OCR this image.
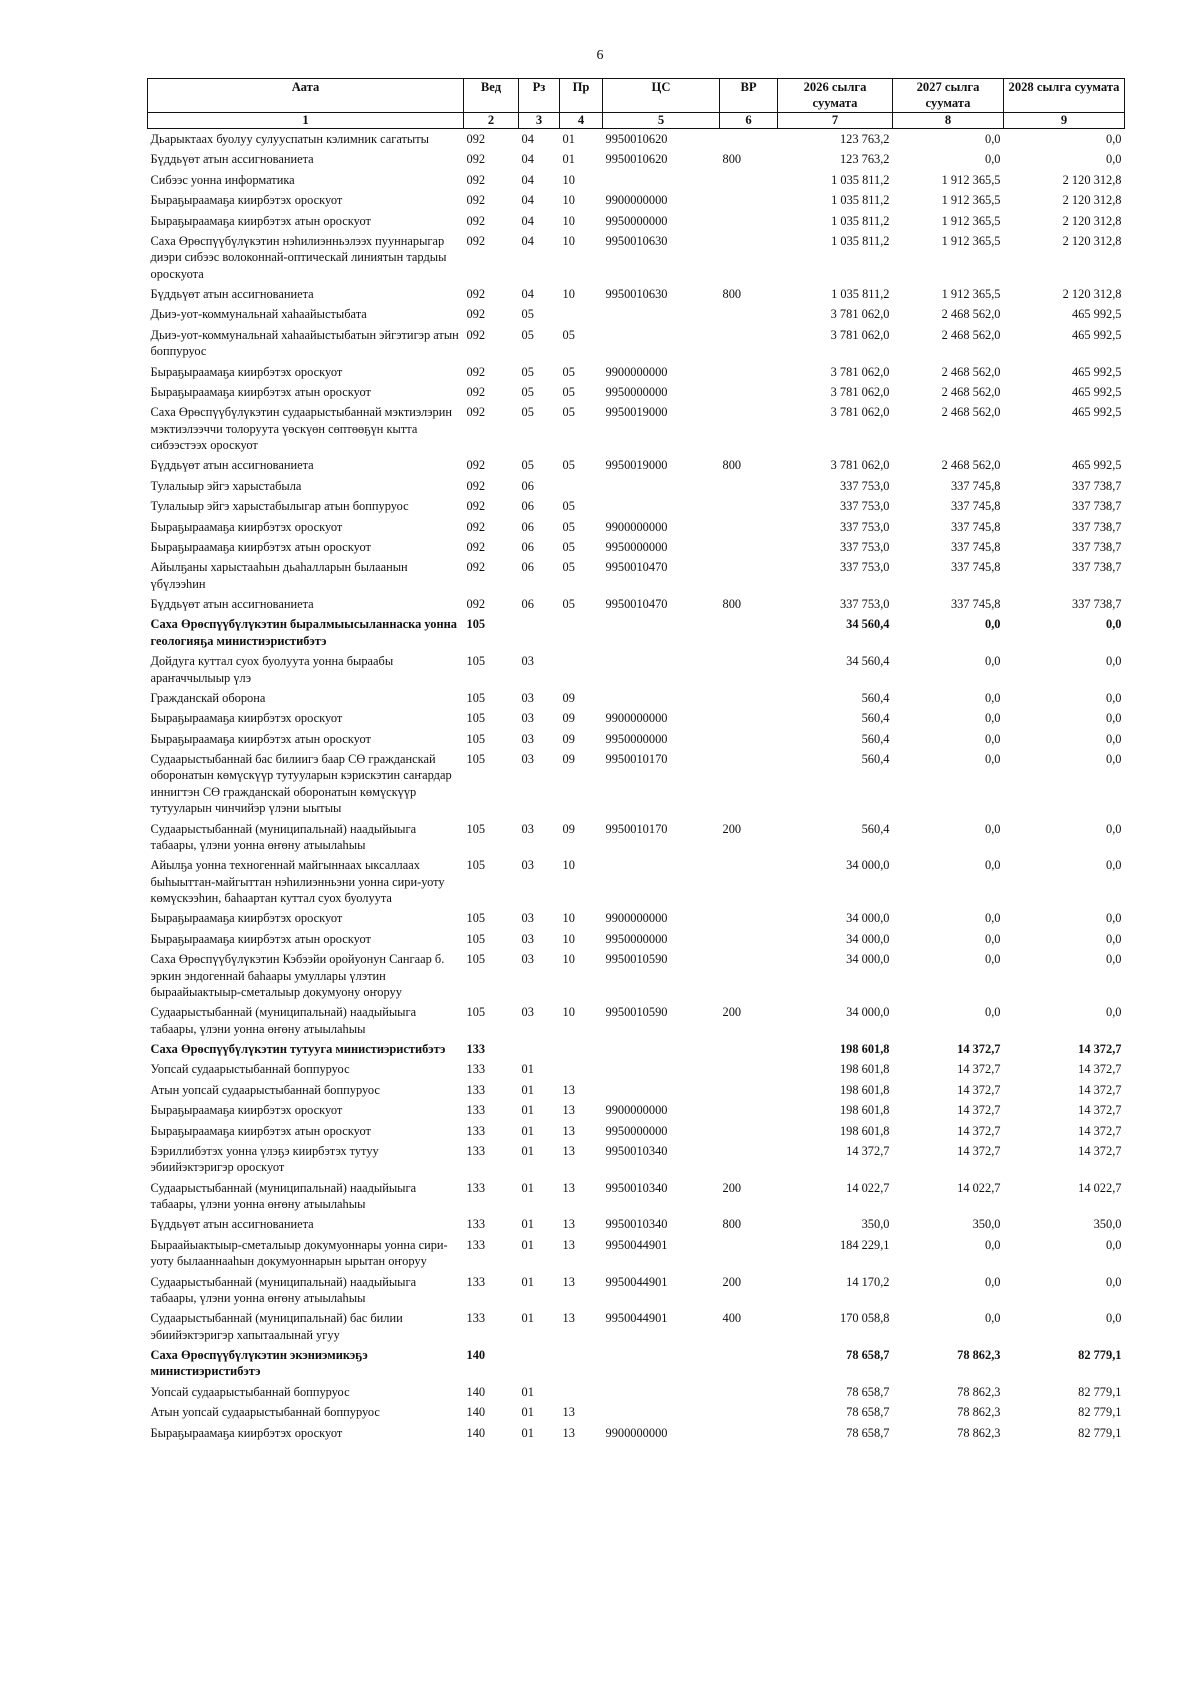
6
Аата	Вед	Рз	Пр	ЦС	ВР	2026 сылга суумата	2027 сылга суумата	2028 сылга суумата
1	2	3	4	5	6	7	8	9
Дьарыктаах буолуу сулууспатын кэлимник сагатыты	092	04	01	9950010620		123 763,2	0,0	0,0
Бүддьүөт атын ассигнованиета	092	04	01	9950010620	800	123 763,2	0,0	0,0
Сибээс уонна информатика	092	04	10			1 035 811,2	1 912 365,5	2 120 312,8
Быраҕыраамаҕа киирбэтэх ороскуот	092	04	10	9900000000		1 035 811,2	1 912 365,5	2 120 312,8
Быраҕыраамаҕа киирбэтэх атын ороскуот	092	04	10	9950000000		1 035 811,2	1 912 365,5	2 120 312,8
Саха Өрөспүүбүлүкэтин нэһилиэнньэлээх пууннарыгар диэри сибээс волоконнай-оптическай линиятын тардыы ороскуота	092	04	10	9950010630		1 035 811,2	1 912 365,5	2 120 312,8
Бүддьүөт атын ассигнованиета	092	04	10	9950010630	800	1 035 811,2	1 912 365,5	2 120 312,8
Дьиэ-уот-коммунальнай хаһаайыстыбата	092	05				3 781 062,0	2 468 562,0	465 992,5
Дьиэ-уот-коммунальнай хаһаайыстыбатын эйгэтигэр атын боппуруос	092	05	05			3 781 062,0	2 468 562,0	465 992,5
Быраҕыраамаҕа киирбэтэх ороскуот	092	05	05	9900000000		3 781 062,0	2 468 562,0	465 992,5
Быраҕыраамаҕа киирбэтэх атын ороскуот	092	05	05	9950000000		3 781 062,0	2 468 562,0	465 992,5
Саха Өрөспүүбүлүкэтин судаарыстыбаннай мэктиэлэрин мэктиэлээччи толоруута үөскүөн сөптөөҕүн кытта сибээстээх ороскуот	092	05	05	9950019000		3 781 062,0	2 468 562,0	465 992,5
Бүддьүөт атын ассигнованиета	092	05	05	9950019000	800	3 781 062,0	2 468 562,0	465 992,5
Тулалыыр эйгэ харыстабыла	092	06				337 753,0	337 745,8	337 738,7
Тулалыыр эйгэ харыстабылыгар атын боппуруос	092	06	05			337 753,0	337 745,8	337 738,7
Быраҕыраамаҕа киирбэтэх ороскуот	092	06	05	9900000000		337 753,0	337 745,8	337 738,7
Быраҕыраамаҕа киирбэтэх атын ороскуот	092	06	05	9950000000		337 753,0	337 745,8	337 738,7
Айылҕаны харыстааһын дьаһалларын былаанын үбүлээһин	092	06	05	9950010470		337 753,0	337 745,8	337 738,7
Бүддьүөт атын ассигнованиета	092	06	05	9950010470	800	337 753,0	337 745,8	337 738,7
Саха Өрөспүүбүлүкэтин быралмыысыланнаска уонна геологияҕа министиэристибэтэ	105					34 560,4	0,0	0,0
Дойдуга куттал суох буолуута уонна быраабы араҥаччылыыр үлэ	105	03				34 560,4	0,0	0,0
Гражданскай оборона	105	03	09			560,4	0,0	0,0
Быраҕыраамаҕа киирбэтэх ороскуот	105	03	09	9900000000		560,4	0,0	0,0
Быраҕыраамаҕа киирбэтэх атын ороскуот	105	03	09	9950000000		560,4	0,0	0,0
Судаарыстыбаннай бас билиигэ баар СӨ гражданскай оборонатын көмүскүүр тутууларын кэрискэтин саҥардар иннигтэн СӨ гражданскай оборонатын көмүскүүр тутууларын чинчийэр үлэни ыытыы	105	03	09	9950010170		560,4	0,0	0,0
Судаарыстыбаннай (муниципальнай) наадыйыыга табаары, үлэни уонна өҥөну атыылаһыы	105	03	09	9950010170	200	560,4	0,0	0,0
Айылҕа уонна техногеннай майгыннаах ыксаллаах быһыыттан-майгыттан нэһилиэнньэни уонна сири-уоту көмүскээһин, баһаартан куттал суох буолуута	105	03	10			34 000,0	0,0	0,0
Быраҕыраамаҕа киирбэтэх ороскуот	105	03	10	9900000000		34 000,0	0,0	0,0
Быраҕыраамаҕа киирбэтэх атын ороскуот	105	03	10	9950000000		34 000,0	0,0	0,0
Саха Өрөспүүбүлүкэтин Кэбээйи оройуонун Сангаар б. эркин эндогеннай баһаары умуллары үлэтин быраайыактыыр-сметалыыр докумуону оҥоруу	105	03	10	9950010590		34 000,0	0,0	0,0
Судаарыстыбаннай (муниципальнай) наадыйыыга табаары, үлэни уонна өҥөну атыылаһыы	105	03	10	9950010590	200	34 000,0	0,0	0,0
Саха Өрөспүүбүлүкэтин тутууга министиэристибэтэ	133					198 601,8	14 372,7	14 372,7
Уопсай судаарыстыбаннай боппуруос	133	01				198 601,8	14 372,7	14 372,7
Атын уопсай судаарыстыбаннай боппуруос	133	01	13			198 601,8	14 372,7	14 372,7
Быраҕыраамаҕа киирбэтэх ороскуот	133	01	13	9900000000		198 601,8	14 372,7	14 372,7
Быраҕыраамаҕа киирбэтэх атын ороскуот	133	01	13	9950000000		198 601,8	14 372,7	14 372,7
Бэриллибэтэх уонна үлэҕэ киирбэтэх тутуу эбиийэктэригэр ороскуот	133	01	13	9950010340		14 372,7	14 372,7	14 372,7
Судаарыстыбаннай (муниципальнай) наадыйыыга табаары, үлэни уонна өҥөну атыылаһыы	133	01	13	9950010340	200	14 022,7	14 022,7	14 022,7
Бүддьүөт атын ассигнованиета	133	01	13	9950010340	800	350,0	350,0	350,0
Быраайыактыыр-сметалыыр докумуоннары уонна сири-уоту былааннааһын докумуоннарын ырытан оҥоруу	133	01	13	9950044901		184 229,1	0,0	0,0
Судаарыстыбаннай (муниципальнай) наадыйыыга табаары, үлэни уонна өҥөну атыылаһыы	133	01	13	9950044901	200	14 170,2	0,0	0,0
Судаарыстыбаннай (муниципальнай) бас билии эбиийэктэригэр хапытаалынай угуу	133	01	13	9950044901	400	170 058,8	0,0	0,0
Саха Өрөспүүбүлүкэтин экэниэмикэҕэ министиэристибэтэ	140					78 658,7	78 862,3	82 779,1
Уопсай судаарыстыбаннай боппуруос	140	01				78 658,7	78 862,3	82 779,1
Атын уопсай судаарыстыбаннай боппуруос	140	01	13			78 658,7	78 862,3	82 779,1
Быраҕыраамаҕа киирбэтэх ороскуот	140	01	13	9900000000		78 658,7	78 862,3	82 779,1
